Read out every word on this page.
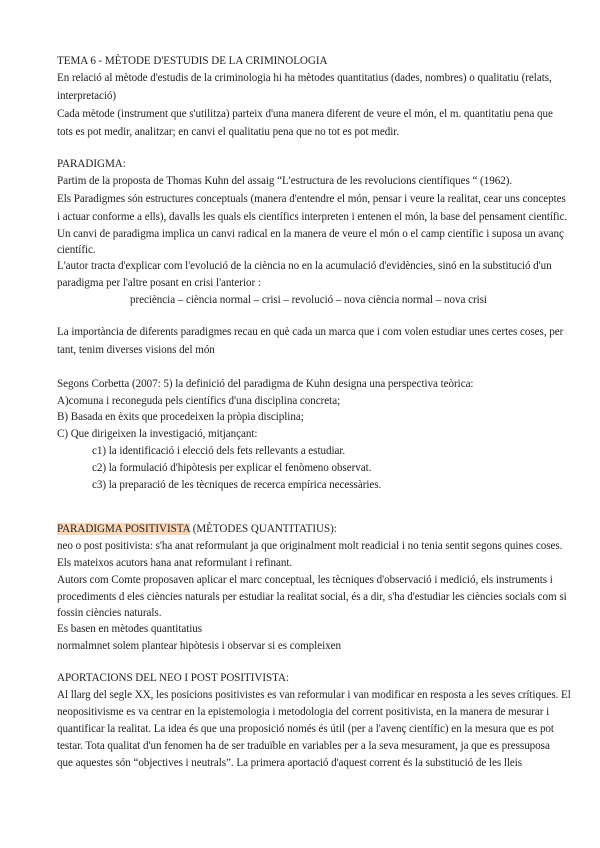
TEMA 6 - MÈTODE D'ESTUDIS DE LA CRIMINOLOGIA

En relació al mètode d'estudis de la criminologia hi ha mètodes quantitatius (dades, nombres) o qualitatiu (relats,

interpretació)

Cada mètode (instrument que s'utilitza) parteix d'una manera diferent de veure el món, el m. quantitatiu pena que

tots es pot medir, analitzar; en canvi el qualitatiu pena que no tot es pot medir.

PARADIGMA:

Partim de la proposta de Thomas Kuhn del assaig “L'estructura de les revolucions científiques “ (1962).

Els Paradigmes són estructures conceptuals (manera d'entendre el món, pensar i veure la realitat, cear uns conceptes

i actuar conforme a ells), davalls les quals els científics interpreten i entenen el món, la base del pensament científic.

Un canvi de paradigma implica un canvi radical en la manera de veure el món o el camp científic i suposa un avanç

científic.

L'autor tracta d'explicar com l'evolució de la ciència no en la acumulació d'evidències, sinó en la substitució d'un

paradigma per l'altre posant en crisi l'anterior :

preciència – ciència normal – crisi – revolució – nova ciència normal – nova crisi

La importància de diferents paradigmes recau en què cada un marca que i com volen estudiar unes certes coses, per

tant, tenim diverses visions del món

Segons Corbetta (2007: 5) la definició del paradigma de Kuhn designa una perspectiva teòrica:

A)comuna i reconeguda pels científics d'una disciplina concreta;

B) Basada en èxits que procedeixen la pròpia disciplina;

C) Que dirigeixen la investigació, mitjançant:

c1) la identificació i elecció dels fets rellevants a estudiar.

c2) la formulació d'hipòtesis per explicar el fenòmeno observat.

c3) la preparació de les tècniques de recerca empírica necessàries.

PARADIGMA POSITIVISTA (MÈTODES QUANTITATIUS):

neo o post positivista: s'ha anat reformulant ja que originalment molt readicial i no tenia sentit segons quines coses.

Els mateixos acutors hana anat reformulant i refinant.

Autors com Comte proposaven aplicar el marc conceptual, les tècniques d'observació i medició, els instruments i

procediments d eles ciències naturals per estudiar la realitat social, és a dir, s'ha d'estudiar les ciències socials com si

fossin ciències naturals.

Es basen en mètodes quantitatius

normalmnet solem plantear hipòtesis i observar si es compleixen

APORTACIONS DEL NEO I POST POSITIVISTA:

Al llarg del segle XX, les posicions positivistes es van reformular i van modificar en resposta a les seves crítiques. El

neopositivisme es va centrar en la epistemologia i metodologia del corrent positivista, en la manera de mesurar i

quantificar la realitat. La idea és que una proposició només és útil (per a l'avenç científic) en la mesura que es pot

testar. Tota qualitat d'un fenomen ha de ser traduïble en variables per a la seva mesurament, ja que es pressuposa

que aquestes són “objectives i neutrals”. La primera aportació d'aquest corrent és la substitució de les lleis
